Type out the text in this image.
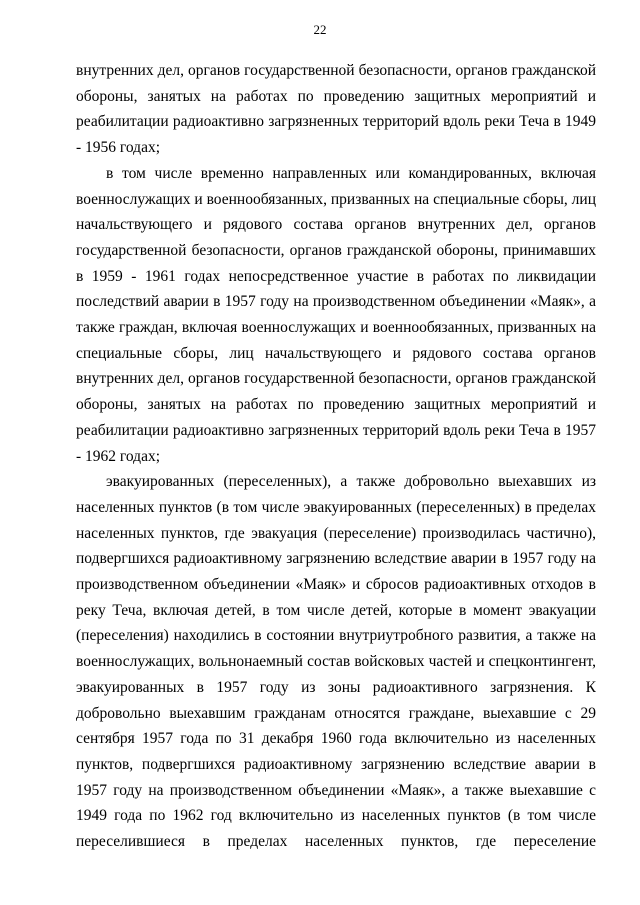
22

внутренних дел, органов государственной безопасности, органов гражданской обороны, занятых на работах по проведению защитных мероприятий и реабилитации радиоактивно загрязненных территорий вдоль реки Теча в 1949 - 1956 годах;

в том числе временно направленных или командированных, включая военнослужащих и военнообязанных, призванных на специальные сборы, лиц начальствующего и рядового состава органов внутренних дел, органов государственной безопасности, органов гражданской обороны, принимавших в 1959 - 1961 годах непосредственное участие в работах по ликвидации последствий аварии в 1957 году на производственном объединении «Маяк», а также граждан, включая военнослужащих и военнообязанных, призванных на специальные сборы, лиц начальствующего и рядового состава органов внутренних дел, органов государственной безопасности, органов гражданской обороны, занятых на работах по проведению защитных мероприятий и реабилитации радиоактивно загрязненных территорий вдоль реки Теча в 1957 - 1962 годах;

эвакуированных (переселенных), а также добровольно выехавших из населенных пунктов (в том числе эвакуированных (переселенных) в пределах населенных пунктов, где эвакуация (переселение) производилась частично), подвергшихся радиоактивному загрязнению вследствие аварии в 1957 году на производственном объединении «Маяк» и сбросов радиоактивных отходов в реку Теча, включая детей, в том числе детей, которые в момент эвакуации (переселения) находились в состоянии внутриутробного развития, а также на военнослужащих, вольнонаемный состав войсковых частей и спецконтингент, эвакуированных в 1957 году из зоны радиоактивного загрязнения. К добровольно выехавшим гражданам относятся граждане, выехавшие с 29 сентября 1957 года по 31 декабря 1960 года включительно из населенных пунктов, подвергшихся радиоактивному загрязнению вследствие аварии в 1957 году на производственном объединении «Маяк», а также выехавшие с 1949 года по 1962 год включительно из населенных пунктов (в том числе переселившиеся в пределах населенных пунктов, где переселение
